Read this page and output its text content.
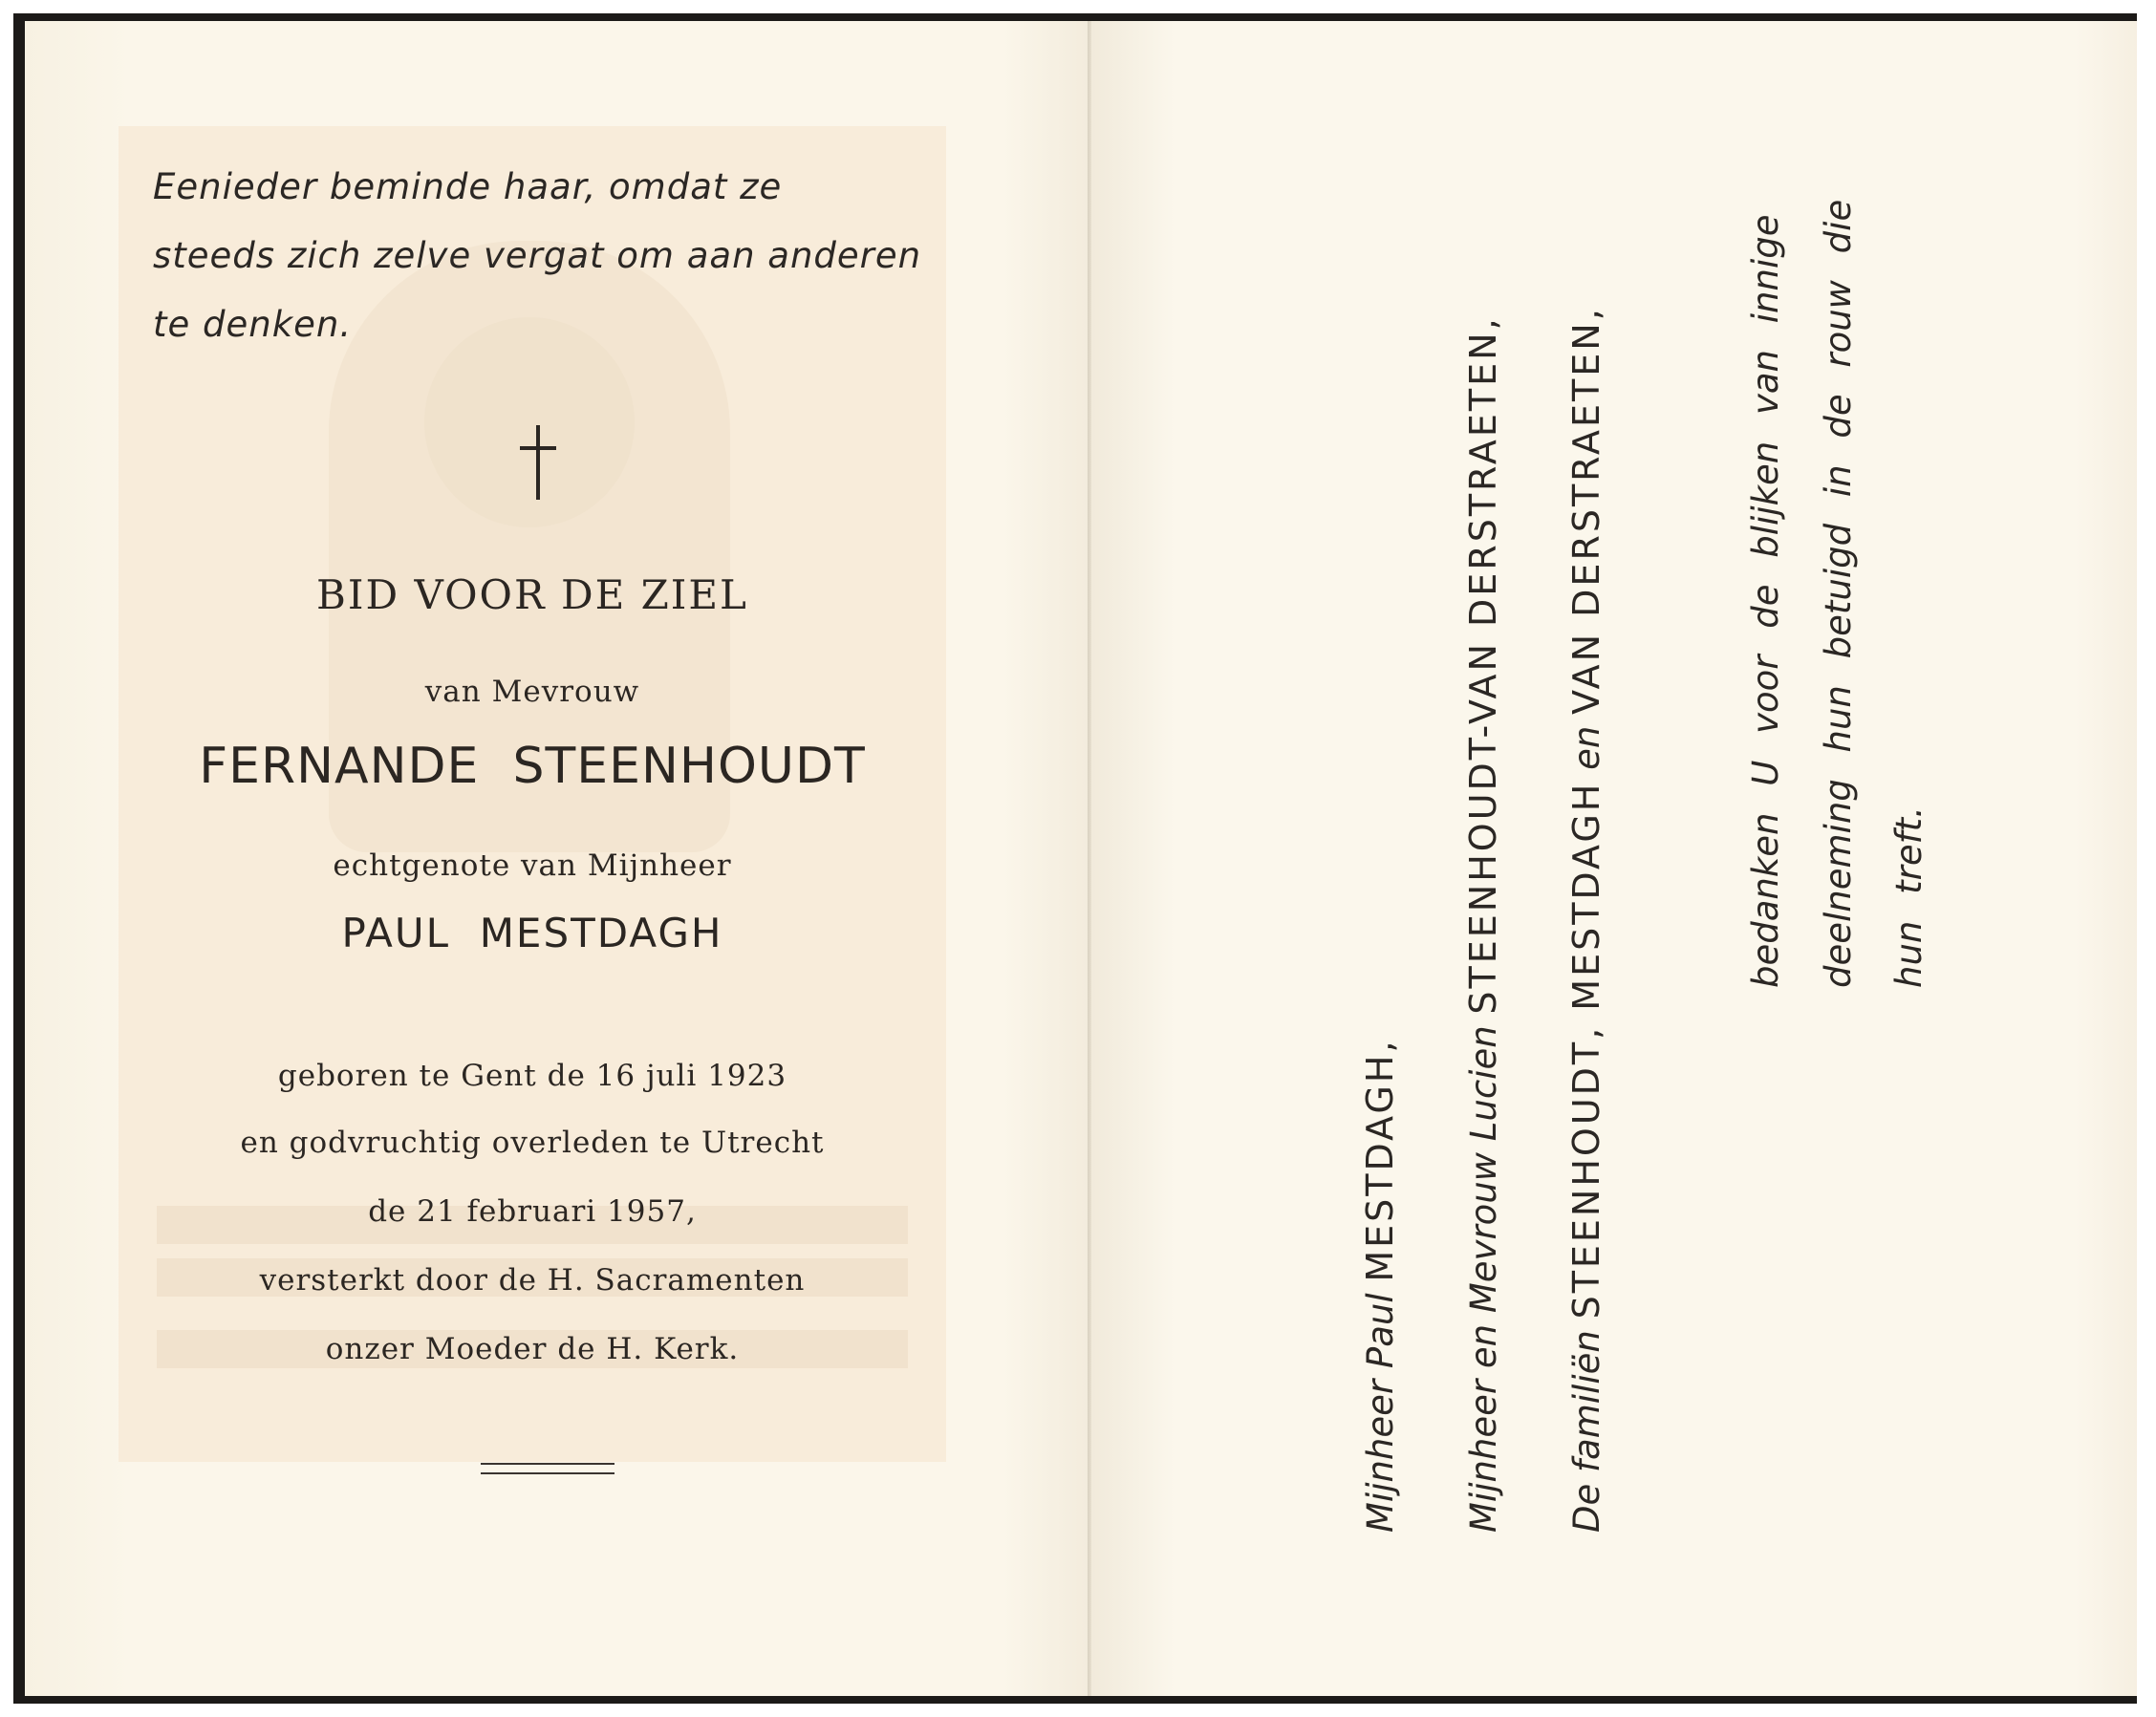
Eenieder beminde haar, omdat ze
steeds zich zelve vergat om aan anderen
te denken.
BID VOOR DE ZIEL
van Mevrouw
FERNANDE  STEENHOUDT
echtgenote van Mijnheer
PAUL  MESTDAGH
geboren te Gent de 16 juli 1923
en godvruchtig overleden te Utrecht
de 21 februari 1957,
versterkt door de H. Sacramenten
onzer Moeder de H. Kerk.	Mijnheer Paul MESTDAGH, Mijnheer en Mevrouw Lucien STEENHOUDT-VAN DERSTRAETEN,
De familiën STEENHOUDT, MESTDAGH en VAN DERSTRAETEN,	bedanken U voor de blijken van innige deelneming hun betuigd in de rouw die hun treft.
